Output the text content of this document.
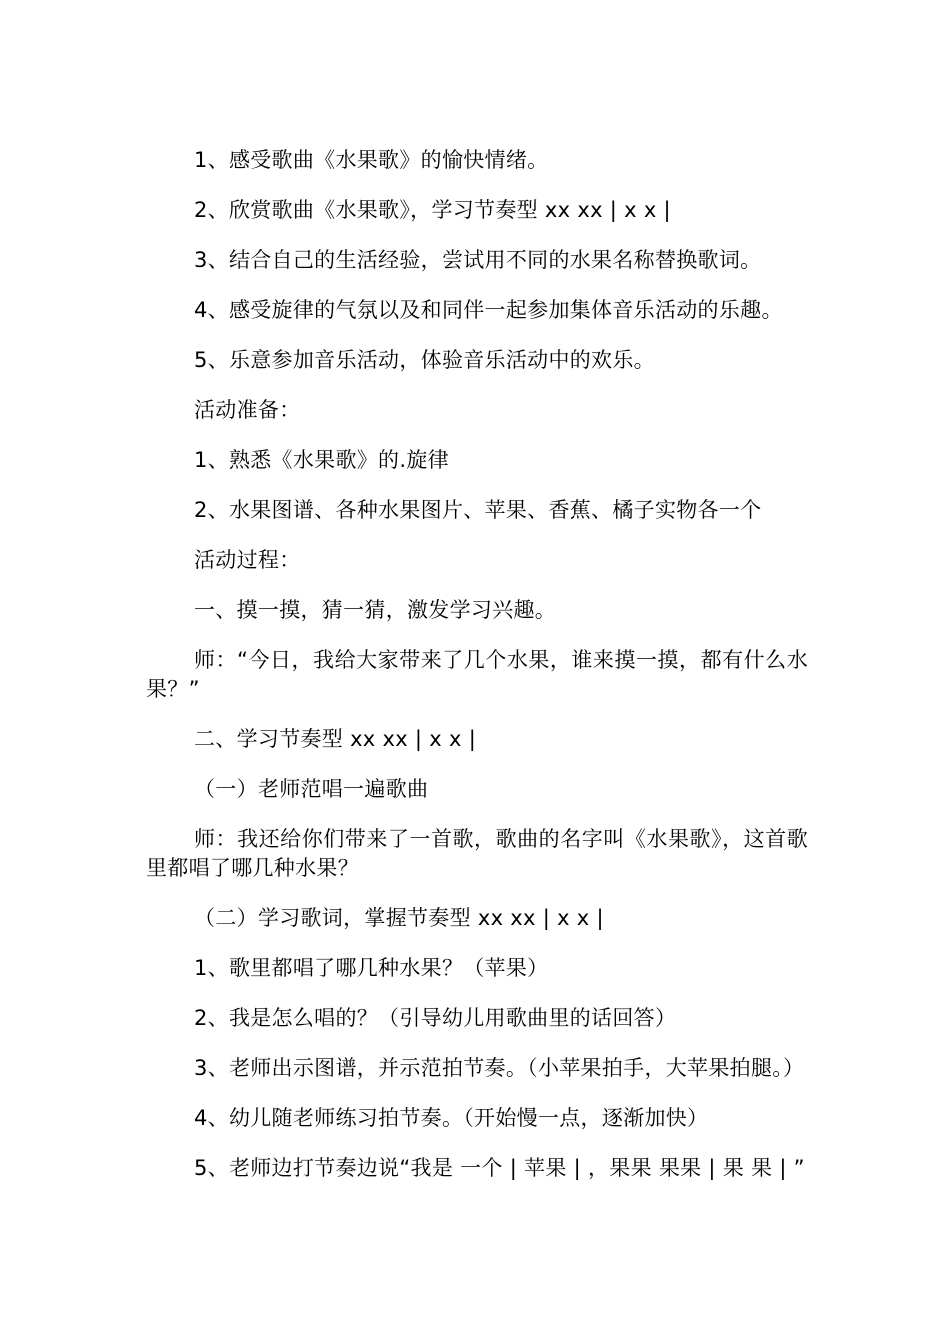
1、感受歌曲《水果歌》的愉快情绪。

2、欣赏歌曲《水果歌》，学习节奏型 xx xx | x x |

3、结合自己的生活经验，尝试用不同的水果名称替换歌词。

4、感受旋律的气氛以及和同伴一起参加集体音乐活动的乐趣。

5、乐意参加音乐活动，体验音乐活动中的欢乐。

活动准备：

1、熟悉《水果歌》的.旋律

2、水果图谱、各种水果图片、苹果、香蕉、橘子实物各一个

活动过程：

一、摸一摸，猜一猜，激发学习兴趣。

师：“今日，我给大家带来了几个水果，谁来摸一摸，都有什么水果？”

二、学习节奏型 xx xx | x x |

（一）老师范唱一遍歌曲

师：我还给你们带来了一首歌，歌曲的名字叫《水果歌》，这首歌里都唱了哪几种水果？

（二）学习歌词，掌握节奏型 xx xx | x x |

1、歌里都唱了哪几种水果？（苹果）

2、我是怎么唱的？（引导幼儿用歌曲里的话回答）

3、老师出示图谱，并示范拍节奏。（小苹果拍手，大苹果拍腿。）

4、幼儿随老师练习拍节奏。（开始慢一点，逐渐加快）

5、老师边打节奏边说“我是 一个 | 苹果 | ，果果 果果 | 果 果 | ”
